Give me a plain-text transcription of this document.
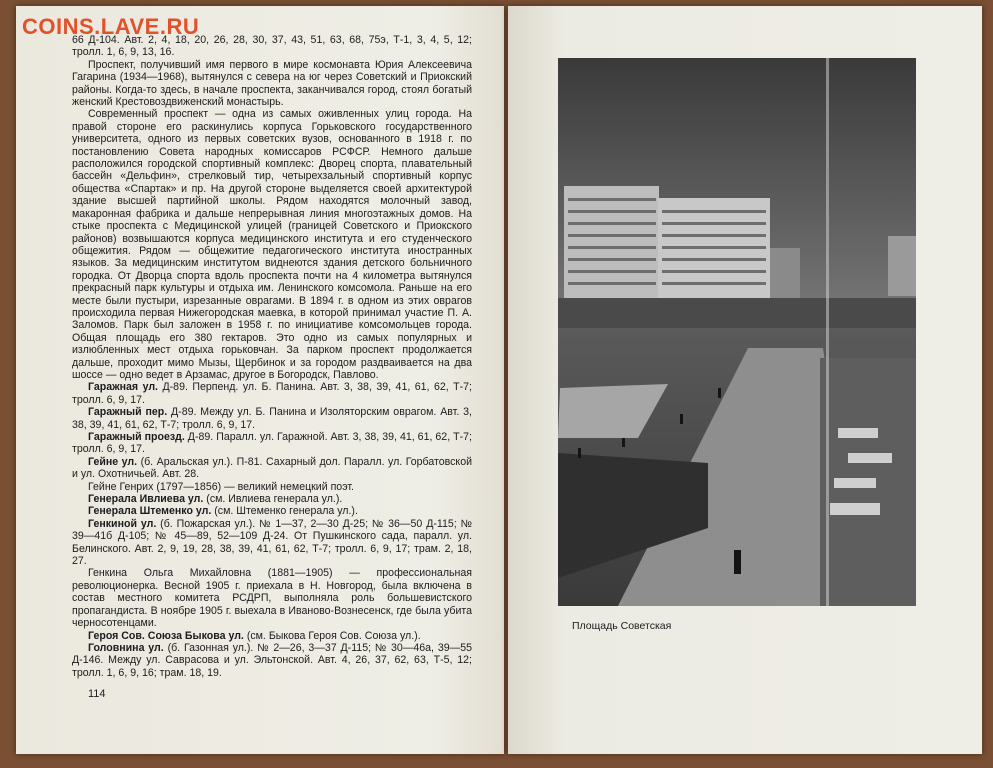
COINS.LAVE.RU

66 Д-104. Авт. 2, 4, 18, 20, 26, 28, 30, 37, 43, 51, 63, 68, 75э, Т-1, 3, 4, 5, 12; тролл. 1, 6, 9, 13, 16.

Проспект, получивший имя первого в мире космонавта Юрия Алексеевича Гагарина (1934—1968), вытянулся с севера на юг через Советский и Приокский районы. Когда-то здесь, в начале проспекта, заканчивался город, стоял богатый женский Крестовоздвиженский монастырь.

Современный проспект — одна из самых оживленных улиц города. На правой стороне его раскинулись корпуса Горьковского государственного университета, одного из первых советских вузов, основанного в 1918 г. по постановлению Совета народных комиссаров РСФСР. Немного дальше расположился городской спортивный комплекс: Дворец спорта, плавательный бассейн «Дельфин», стрелковый тир, четырехзальный спортивный корпус общества «Спартак» и пр. На другой стороне выделяется своей архитектурой здание высшей партийной школы. Рядом находятся молочный завод, макаронная фабрика и дальше непрерывная линия многоэтажных домов. На стыке проспекта с Медицинской улицей (границей Советского и Приокского районов) возвышаются корпуса медицинского института и его студенческого общежития. Рядом — общежитие педагогического института иностранных языков. За медицинским институтом виднеются здания детского больничного городка. От Дворца спорта вдоль проспекта почти на 4 километра вытянулся прекрасный парк культуры и отдыха им. Ленинского комсомола. Раньше на его месте были пустыри, изрезанные оврагами. В 1894 г. в одном из этих оврагов происходила первая Нижегородская маевка, в которой принимал участие П. А. Заломов. Парк был заложен в 1958 г. по инициативе комсомольцев города. Общая площадь его 380 гектаров. Это одно из самых популярных и излюбленных мест отдыха горьковчан. За парком проспект продолжается дальше, проходит мимо Мызы, Щербинок и за городом раздваивается на два шоссе — одно ведет в Арзамас, другое в Богородск, Павлово.

Гаражная ул. Д-89. Перпенд. ул. Б. Панина. Авт. 3, 38, 39, 41, 61, 62, Т-7; тролл. 6, 9, 17.

Гаражный пер. Д-89. Между ул. Б. Панина и Изоляторским оврагом. Авт. 3, 38, 39, 41, 61, 62, Т-7; тролл. 6, 9, 17.

Гаражный проезд. Д-89. Паралл. ул. Гаражной. Авт. 3, 38, 39, 41, 61, 62, Т-7; тролл. 6, 9, 17.

Гейне ул. (б. Аральская ул.). П-81. Сахарный дол. Паралл. ул. Горбатовской и ул. Охотничьей. Авт. 28.

Гейне Генрих (1797—1856) — великий немецкий поэт.

Генерала Ивлиева ул. (см. Ивлиева генерала ул.).

Генерала Штеменко ул. (см. Штеменко генерала ул.).

Генкиной ул. (б. Пожарская ул.). № 1—37, 2—30 Д-25; № 36—50 Д-115; № 39—41б Д-105; № 45—89, 52—109 Д-24. От Пушкинского сада, паралл. ул. Белинского. Авт. 2, 9, 19, 28, 38, 39, 41, 61, 62, Т-7; тролл. 6, 9, 17; трам. 2, 18, 27.

Генкина Ольга Михайловна (1881—1905) — профессиональная революционерка. Весной 1905 г. приехала в Н. Новгород, была включена в состав местного комитета РСДРП, выполняла роль большевистского пропагандиста. В ноябре 1905 г. выехала в Иваново-Вознесенск, где была убита черносотенцами.

Героя Сов. Союза Быкова ул. (см. Быкова Героя Сов. Союза ул.).

Головнина ул. (б. Газонная ул.). № 2—26, 3—37 Д-115; № 30—46а, 39—55 Д-146. Между ул. Саврасова и ул. Эльтонской. Авт. 4, 26, 37, 62, 63, Т-5, 12; тролл. 1, 6, 9, 16; трам. 18, 19.

114
Площадь Советская
